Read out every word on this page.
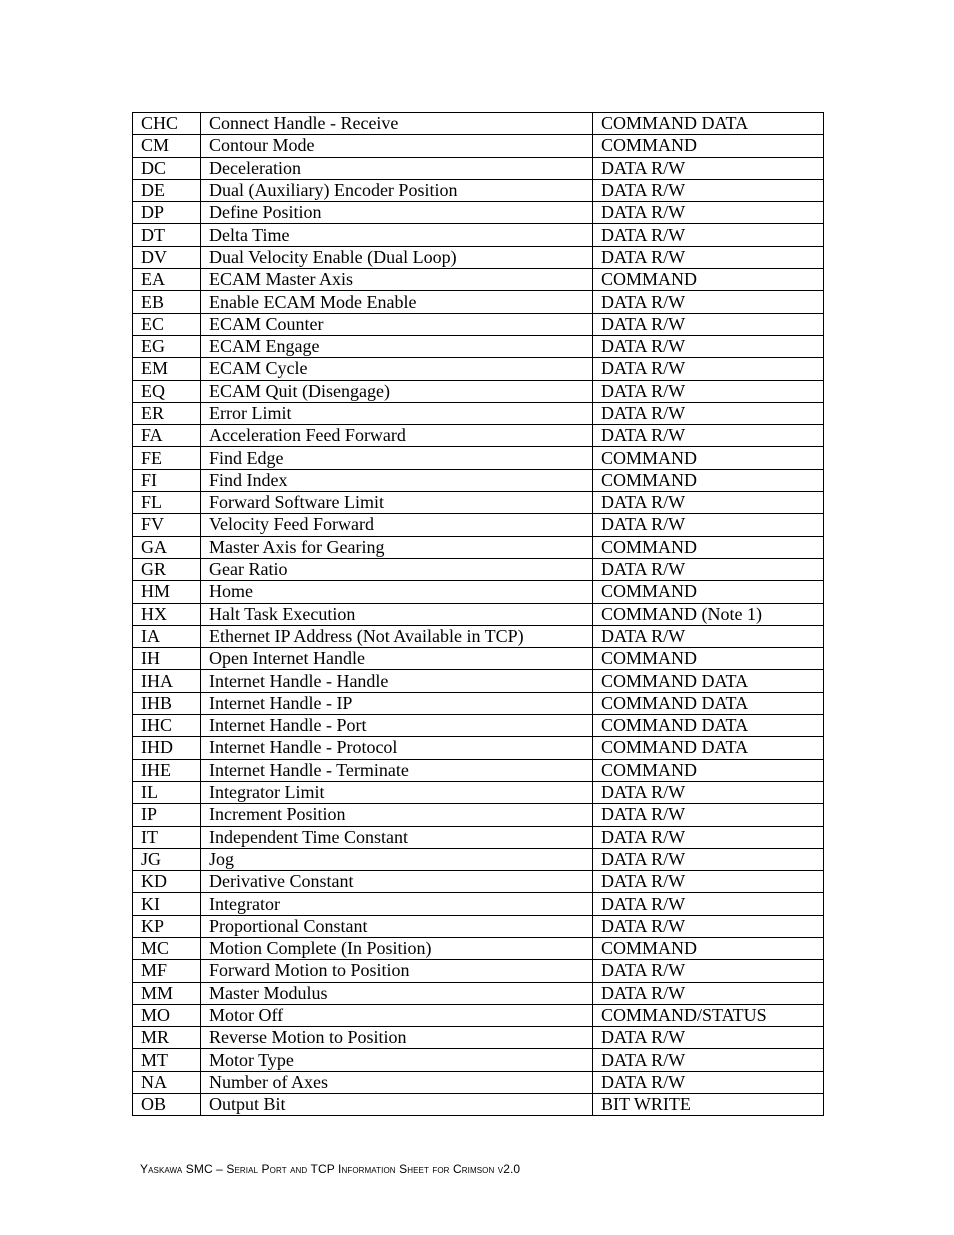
CHC	Connect Handle - Receive	COMMAND DATA
CM	Contour Mode	COMMAND
DC	Deceleration	DATA R/W
DE	Dual (Auxiliary) Encoder Position	DATA R/W
DP	Define Position	DATA R/W
DT	Delta Time	DATA R/W
DV	Dual Velocity Enable (Dual Loop)	DATA R/W
EA	ECAM Master Axis	COMMAND
EB	Enable ECAM Mode Enable	DATA R/W
EC	ECAM Counter	DATA R/W
EG	ECAM Engage	DATA R/W
EM	ECAM Cycle	DATA R/W
EQ	ECAM Quit (Disengage)	DATA R/W
ER	Error Limit	DATA R/W
FA	Acceleration Feed Forward	DATA R/W
FE	Find Edge	COMMAND
FI	Find Index	COMMAND
FL	Forward Software Limit	DATA R/W
FV	Velocity Feed Forward	DATA R/W
GA	Master Axis for Gearing	COMMAND
GR	Gear Ratio	DATA R/W
HM	Home	COMMAND
HX	Halt Task Execution	COMMAND (Note 1)
IA	Ethernet IP Address (Not Available in TCP)	DATA R/W
IH	Open Internet Handle	COMMAND
IHA	Internet Handle - Handle	COMMAND DATA
IHB	Internet Handle - IP	COMMAND DATA
IHC	Internet Handle - Port	COMMAND DATA
IHD	Internet Handle - Protocol	COMMAND DATA
IHE	Internet Handle - Terminate	COMMAND
IL	Integrator Limit	DATA R/W
IP	Increment Position	DATA R/W
IT	Independent Time Constant	DATA R/W
JG	Jog	DATA R/W
KD	Derivative Constant	DATA R/W
KI	Integrator	DATA R/W
KP	Proportional Constant	DATA R/W
MC	Motion Complete (In Position)	COMMAND
MF	Forward Motion to Position	DATA R/W
MM	Master Modulus	DATA R/W
MO	Motor Off	COMMAND/STATUS
MR	Reverse Motion to Position	DATA R/W
MT	Motor Type	DATA R/W
NA	Number of Axes	DATA R/W
OB	Output Bit	BIT WRITE
Yaskawa SMC – Serial Port and TCP Information Sheet for Crimson v2.0
